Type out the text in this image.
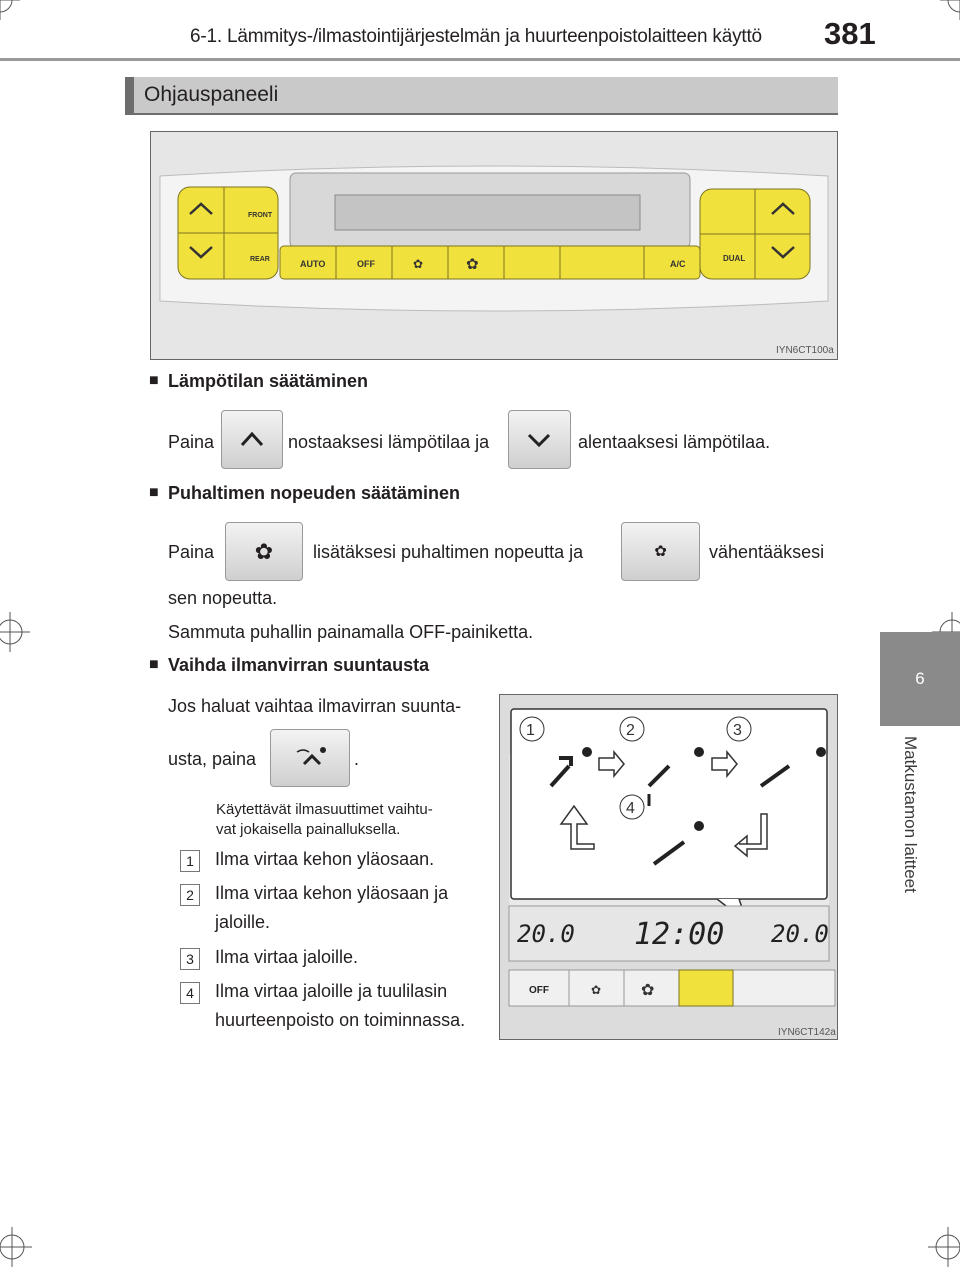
6-1. Lämmitys-/ilmastointijärjestelmän ja huurteenpoistolaitteen käyttö 381
6
Matkustamon laitteet
Ohjauspaneeli
FRONT
REAR	AUTO	OFF	✿	✿	A/C
DUAL
IYN6CT100a
■ Lämpötilan säätäminen
Paina	nostaaksesi lämpötilaa ja	alentaaksesi lämpötilaa.
■ Puhaltimen nopeuden säätäminen
Paina	✿	lisätäksesi puhaltimen nopeutta ja	✿	vähentääksesi
sen nopeutta.
Sammuta puhallin painamalla OFF-painiketta.
■ Vaihda ilmanvirran suuntausta
Jos haluat vaihtaa ilmavirran suunta-
usta, paina	.
Käytettävät ilmasuuttimet vaihtu-
vat jokaisella painalluksella.
1	Ilma virtaa kehon yläosaan.
2	Ilma virtaa kehon yläosaan ja
jaloille.
3	Ilma virtaa jaloille.
4	Ilma virtaa jaloille ja tuulilasin
huurteenpoisto on toiminnassa.
1	2	3
4
20.0 12:00 20.0
OFF	✿ ✿
IYN6CT142a
